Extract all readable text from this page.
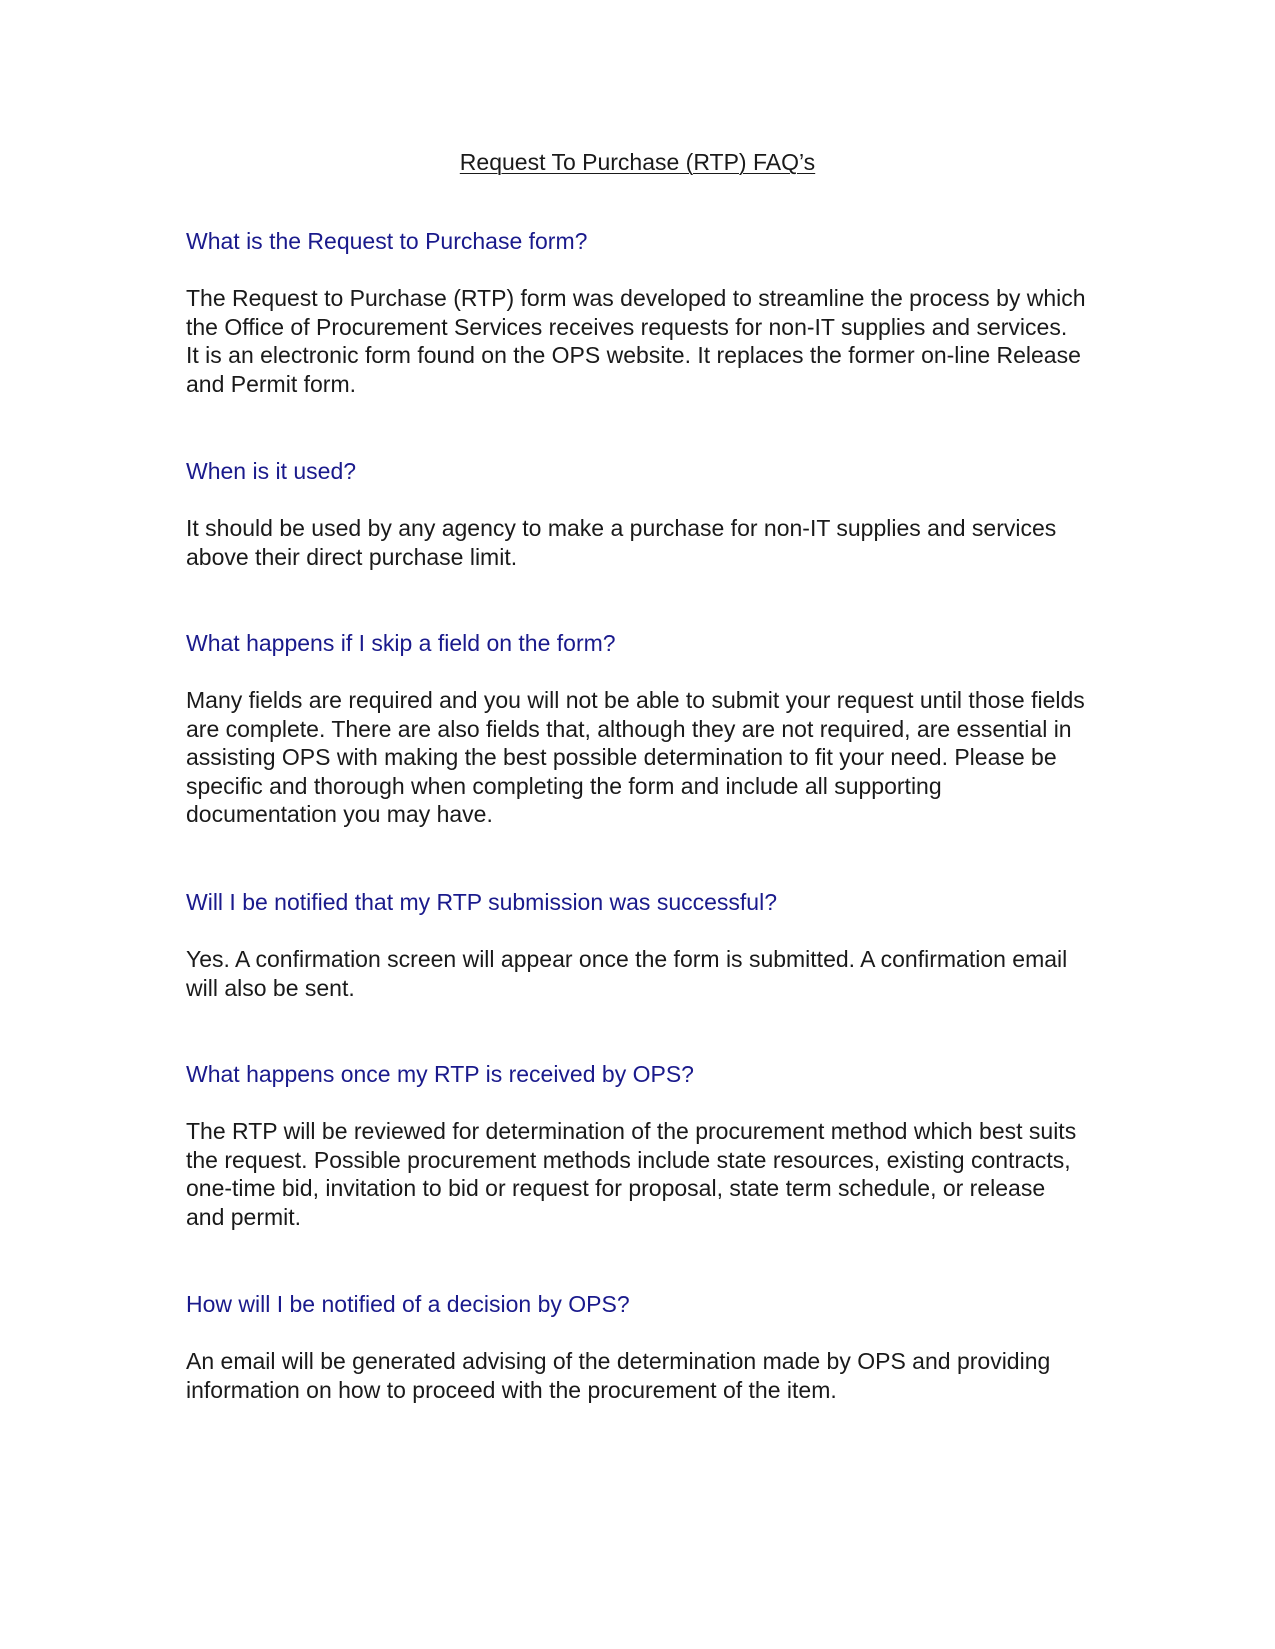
Request To Purchase (RTP) FAQ’s
What is the Request to Purchase form?

The Request to Purchase (RTP) form was developed to streamline the process by which the Office of Procurement Services receives requests for non-IT supplies and services. It is an electronic form found on the OPS website. It replaces the former on-line Release and Permit form.

When is it used?

It should be used by any agency to make a purchase for non-IT supplies and services above their direct purchase limit.

What happens if I skip a field on the form?

Many fields are required and you will not be able to submit your request until those fields are complete. There are also fields that, although they are not required, are essential in assisting OPS with making the best possible determination to fit your need. Please be specific and thorough when completing the form and include all supporting documentation you may have.

Will I be notified that my RTP submission was successful?

Yes. A confirmation screen will appear once the form is submitted. A confirmation email will also be sent.

What happens once my RTP is received by OPS?

The RTP will be reviewed for determination of the procurement method which best suits the request. Possible procurement methods include state resources, existing contracts, one-time bid, invitation to bid or request for proposal, state term schedule, or release and permit.

How will I be notified of a decision by OPS?

An email will be generated advising of the determination made by OPS and providing information on how to proceed with the procurement of the item.
